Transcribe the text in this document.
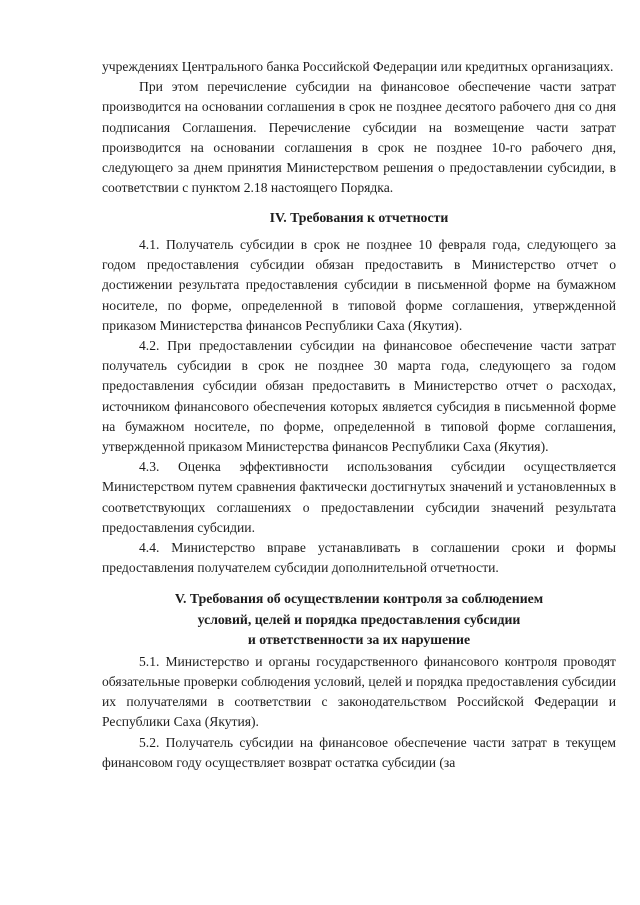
учреждениях Центрального банка Российской Федерации или кредитных организациях.

При этом перечисление субсидии на финансовое обеспечение части затрат производится на основании соглашения в срок не позднее десятого рабочего дня со дня подписания Соглашения. Перечисление субсидии на возмещение части затрат производится на основании соглашения в срок не позднее 10-го рабочего дня, следующего за днем принятия Министерством решения о предоставлении субсидии, в соответствии с пунктом 2.18 настоящего Порядка.

IV. Требования к отчетности

4.1. Получатель субсидии в срок не позднее 10 февраля года, следующего за годом предоставления субсидии обязан предоставить в Министерство отчет о достижении результата предоставления субсидии в письменной форме на бумажном носителе, по форме, определенной в типовой форме соглашения, утвержденной приказом Министерства финансов Республики Саха (Якутия).

4.2. При предоставлении субсидии на финансовое обеспечение части затрат получатель субсидии в срок не позднее 30 марта года, следующего за годом предоставления субсидии обязан предоставить в Министерство отчет о расходах, источником финансового обеспечения которых является субсидия в письменной форме на бумажном носителе, по форме, определенной в типовой форме соглашения, утвержденной приказом Министерства финансов Республики Саха (Якутия).

4.3. Оценка эффективности использования субсидии осуществляется Министерством путем сравнения фактически достигнутых значений и установленных в соответствующих соглашениях о предоставлении субсидии значений результата предоставления субсидии.

4.4. Министерство вправе устанавливать в соглашении сроки и формы предоставления получателем субсидии дополнительной отчетности.

V. Требования об осуществлении контроля за соблюдением
условий, целей и порядка предоставления субсидии
и ответственности за их нарушение

5.1. Министерство и органы государственного финансового контроля проводят обязательные проверки соблюдения условий, целей и порядка предоставления субсидии их получателями в соответствии с законодательством Российской Федерации и Республики Саха (Якутия).

5.2. Получатель субсидии на финансовое обеспечение части затрат в текущем финансовом году осуществляет возврат остатка субсидии (за
